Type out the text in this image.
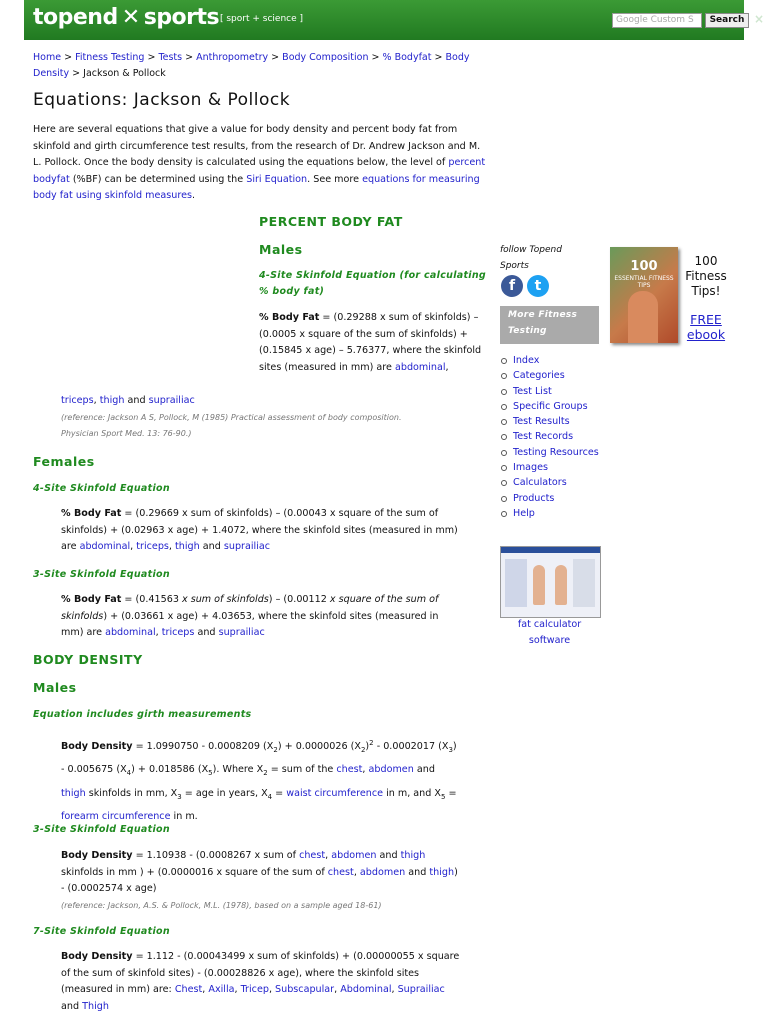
topend ✕ sports [ sport + science ]	Google Custom S	Search ×
Home > Fitness Testing > Tests > Anthropometry > Body Composition > % Bodyfat > Body Density > Jackson & Pollock
Equations: Jackson & Pollock
Here are several equations that give a value for body density and percent body fat from skinfold and girth circumference test results, from the research of Dr. Andrew Jackson and M. L. Pollock. Once the body density is calculated using the equations below, the level of percent bodyfat (%BF) can be determined using the Siri Equation. See more equations for measuring body fat using skinfold measures.
PERCENT BODY FAT
Males
4-Site Skinfold Equation (for calculating % body fat)
% Body Fat = (0.29288 x sum of skinfolds) – (0.0005 x square of the sum of skinfolds) + (0.15845 x age) – 5.76377, where the skinfold sites (measured in mm) are abdominal,
triceps, thigh and suprailiac
(reference: Jackson A S, Pollock, M (1985) Practical assessment of body composition. Physician Sport Med. 13: 76-90.)
Females
4-Site Skinfold Equation
% Body Fat = (0.29669 x sum of skinfolds) – (0.00043 x square of the sum of skinfolds) + (0.02963 x age) + 1.4072, where the skinfold sites (measured in mm) are abdominal, triceps, thigh and suprailiac
3-Site Skinfold Equation
% Body Fat = (0.41563 x sum of skinfolds) – (0.00112 x square of the sum of skinfolds) + (0.03661 x age) + 4.03653, where the skinfold sites (measured in mm) are abdominal, triceps and suprailiac
BODY DENSITY
Males
Equation includes girth measurements
Body Density = 1.0990750 - 0.0008209 $(X_2) + 0.0000026$ $(X_2)^2 - 0.0002017$ $(X_3) - 0.005675$ $(X_4) + 0.018586$ $(X_5)$. Where $X_2$ = sum of the chest, abdomen and thigh skinfolds in mm, $X_3$ = age in years, $X_4$ = waist circumference in m, and $X_5$ = forearm circumference in m.
3-Site Skinfold Equation
Body Density = 1.10938 - (0.0008267 x sum of chest, abdomen and thigh skinfolds in mm ) + (0.0000016 x square of the sum of chest, abdomen and thigh) - (0.0002574 x age)
(reference: Jackson, A.S. & Pollock, M.L. (1978), based on a sample aged 18-61)
7-Site Skinfold Equation
Body Density = 1.112 - (0.00043499 x sum of skinfolds) + (0.00000055 x square of the sum of skinfold sites) - (0.00028826 x age), where the skinfold sites (measured in mm) are: Chest, Axilla, Tricep, Subscapular, Abdominal, Suprailiac and Thigh
follow Topend Sports
f	t
100
ESSENTIAL FITNESS TIPS
100 Fitness Tips!
FREE ebook
More Fitness Testing
Index
Categories
Test List
Specific Groups
Test Results
Test Records
Testing Resources
Images
Calculators
Products
Help
fat calculator software
